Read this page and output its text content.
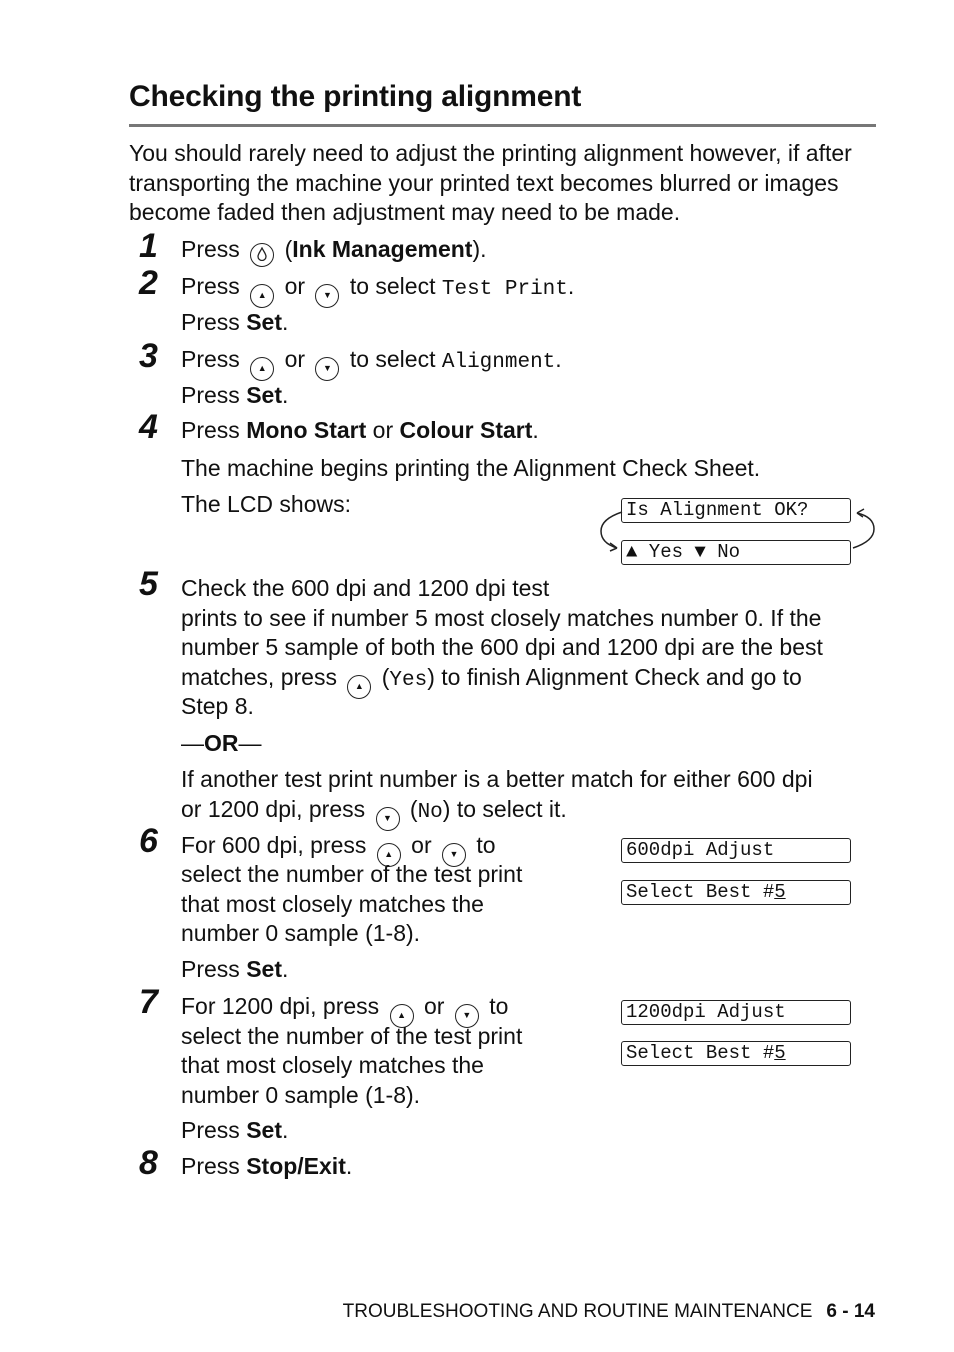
Checking the printing alignment

You should rarely need to adjust the printing alignment however, if after transporting the machine your printed text becomes blurred or images become faded then adjustment may need to be made.

1 Press  (Ink Management).

2 Press ▲ or ▼ to select Test Print.

Press Set.

3 Press ▲ or ▼ to select Alignment.

Press Set.

4 Press Mono Start or Colour Start.

The machine begins printing the Alignment Check Sheet.

The LCD shows:	Is Alignment OK?
▲ Yes ▼ No
5 Check the 600 dpi and 1200 dpi test

prints to see if number 5 most closely matches number 0. If the

number 5 sample of both the 600 dpi and 1200 dpi are the best

matches, press ▲ (Yes) to finish Alignment Check and go to

Step 8.

—OR—

If another test print number is a better match for either 600 dpi

or 1200 dpi, press ▼ (No) to select it.

6 For 600 dpi, press ▲ or ▼ to

select the number of the test print

that most closely matches the

number 0 sample (1-8).

Press Set.

600dpi Adjust
Select Best #5
7 For 1200 dpi, press ▲ or ▼ to

select the number of the test print

that most closely matches the

number 0 sample (1-8).

Press Set.

1200dpi Adjust
Select Best #5
8 Press Stop/Exit.

TROUBLESHOOTING AND ROUTINE MAINTENANCE 6 - 14
